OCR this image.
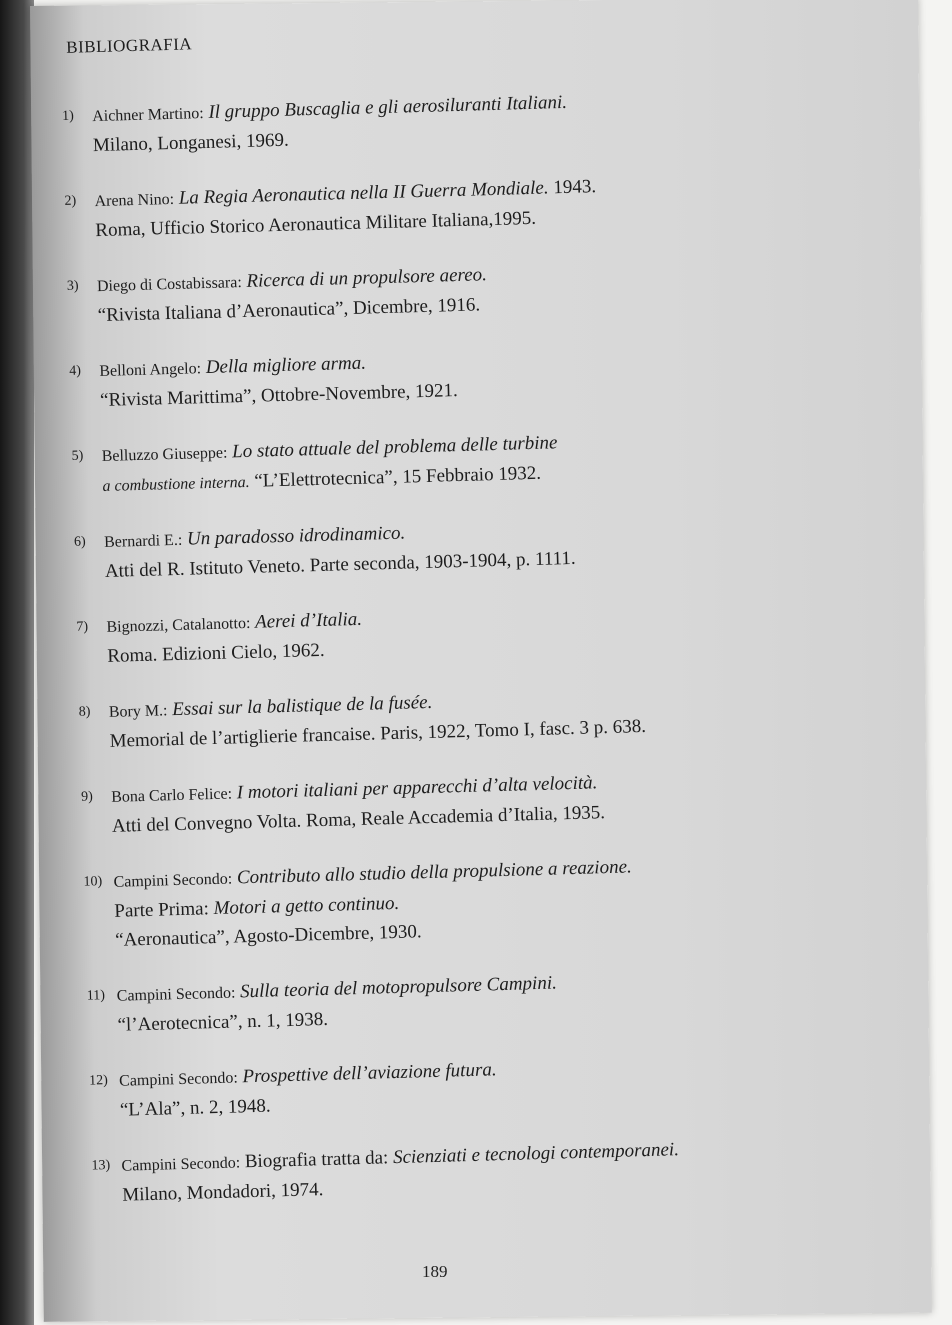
BIBLIOGRAFIA
1)	Aichner Martino: Il gruppo Buscaglia e gli aerosiluranti Italiani.
Milano, Longanesi, 1969.
2)	Arena Nino: La Regia Aeronautica nella II Guerra Mondiale. 1943.
Roma, Ufficio Storico Aeronautica Militare Italiana,1995.
3)	Diego di Costabissara: Ricerca di un propulsore aereo.
“Rivista Italiana d’Aeronautica”, Dicembre, 1916.
4)	Belloni Angelo: Della migliore arma.
“Rivista Marittima”, Ottobre-Novembre, 1921.
5)	Belluzzo Giuseppe: Lo stato attuale del problema delle turbine
a combustione interna. “L’Elettrotecnica”, 15 Febbraio 1932.
6)	Bernardi E.: Un paradosso idrodinamico.
Atti del R. Istituto Veneto. Parte seconda, 1903-1904, p. 1111.
7)	Bignozzi, Catalanotto: Aerei d’Italia.
Roma. Edizioni Cielo, 1962.
8)	Bory M.: Essai sur la balistique de la fusée.
Memorial de l’artiglierie francaise. Paris, 1922, Tomo I, fasc. 3 p. 638.
9)	Bona Carlo Felice: I motori italiani per apparecchi d’alta velocità.
Atti del Convegno Volta. Roma, Reale Accademia d’Italia, 1935.
10) Campini Secondo: Contributo allo studio della propulsione a reazione.
Parte Prima: Motori a getto continuo.
“Aeronautica”, Agosto-Dicembre, 1930.
11) Campini Secondo: Sulla teoria del motopropulsore Campini.
“l’Aerotecnica”, n. 1, 1938.
12) Campini Secondo: Prospettive dell’aviazione futura.
“L’Ala”, n. 2, 1948.
13) Campini Secondo: Biografia tratta da: Scienziati e tecnologi contemporanei.
Milano, Mondadori, 1974.
189
